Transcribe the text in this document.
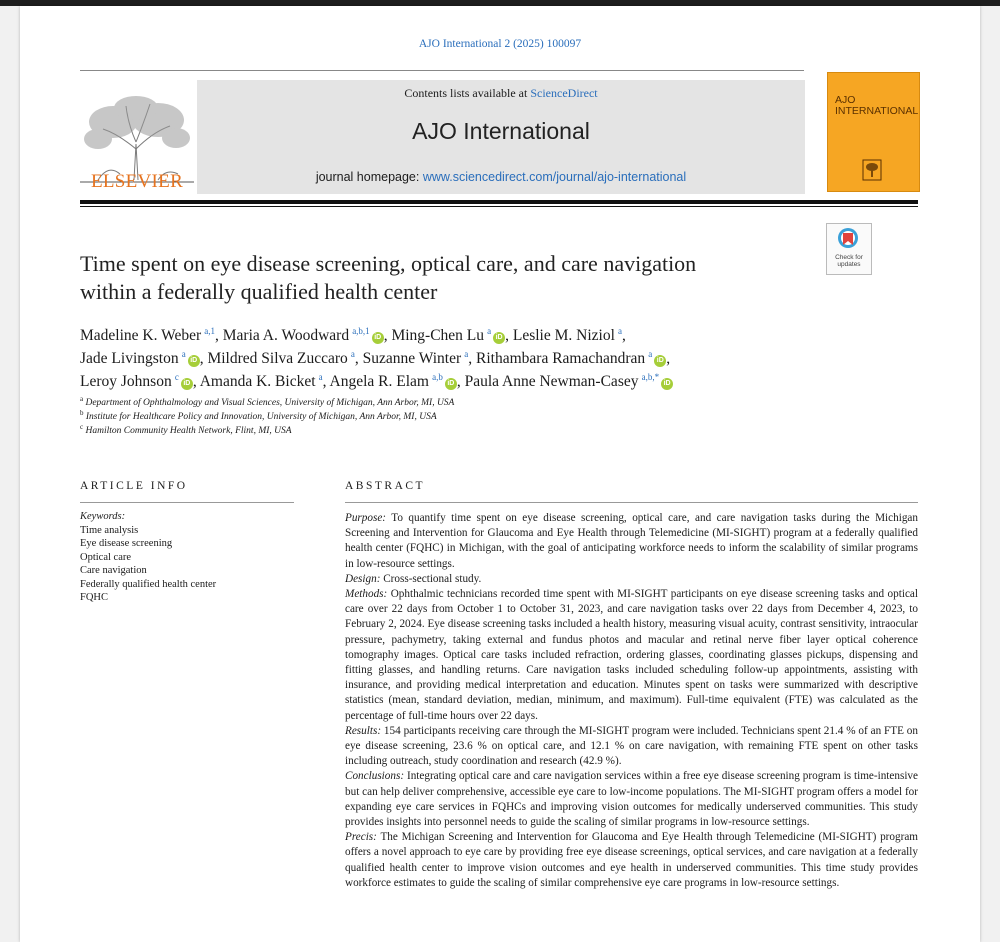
AJO International 2 (2025) 100097
Contents lists available at ScienceDirect
AJO International
journal homepage: www.sciencedirect.com/journal/ajo-international
ELSEVIER
AJO
INTERNATIONAL
Check for updates
Time spent on eye disease screening, optical care, and care navigation
within a federally qualified health center
Madeline K. Weber  $^{a,1}$, Maria A. Woodward  $^{a,b,1}$iD , Ming-Chen Lu  $^a$iD , Leslie M. Niziol  $^a$,
Jade Livingston  $^a$iD , Mildred Silva Zuccaro  $^a$, Suzanne Winter  $^a$, Rithambara Ramachandran  $^a$iD ,
Leroy Johnson  $^c$iD , Amanda K. Bicket  $^a$, Angela R. Elam  $^{a,b}$iD , Paula Anne Newman-Casey  $^{a,b,*}$iD
$^a$ Department of Ophthalmology and Visual Sciences, University of Michigan, Ann Arbor, MI, USA
$^b$ Institute for Healthcare Policy and Innovation, University of Michigan, Ann Arbor, MI, USA
$^c$ Hamilton Community Health Network, Flint, MI, USA
ARTICLE INFO
Keywords:
Time analysis
Eye disease screening
Optical care
Care navigation
Federally qualified health center
FQHC
ABSTRACT

Purpose: To quantify time spent on eye disease screening, optical care, and care navigation tasks during the Michigan Screening and Intervention for Glaucoma and Eye Health through Telemedicine (MI-SIGHT) program at a federally qualified health center (FQHC) in Michigan, with the goal of anticipating workforce needs to inform the scalability of similar programs in low-resource settings.

Design: Cross-sectional study.

Methods: Ophthalmic technicians recorded time spent with MI-SIGHT participants on eye disease screening tasks and optical care over 22 days from October 1 to October 31, 2023, and care navigation tasks over 22 days from December 4, 2023, to February 2, 2024. Eye disease screening tasks included a health history, measuring visual acuity, contrast sensitivity, intraocular pressure, pachymetry, taking external and fundus photos and macular and retinal nerve fiber layer optical coherence tomography images. Optical care tasks included refraction, ordering glasses, coordinating glasses pickups, dispensing and fitting glasses, and handling returns. Care navigation tasks included scheduling follow-up appointments, assisting with insurance, and providing medical interpretation and education. Minutes spent on tasks were summarized with descriptive statistics (mean, standard deviation, median, minimum, and maximum). Full-time equivalent (FTE) was calculated as the percentage of full-time hours over 22 days.

Results: 154 participants receiving care through the MI-SIGHT program were included. Technicians spent 21.4 % of an FTE on eye disease screening, 23.6 % on optical care, and 12.1 % on care navigation, with remaining FTE spent on other tasks including outreach, study coordination and research (42.9 %).

Conclusions: Integrating optical care and care navigation services within a free eye disease screening program is time-intensive but can help deliver comprehensive, accessible eye care to low-income populations. The MI-SIGHT program offers a model for expanding eye care services in FQHCs and improving vision outcomes for medically underserved communities. This study provides insights into personnel needs to guide the scaling of similar programs in low-resource settings.

Precis: The Michigan Screening and Intervention for Glaucoma and Eye Health through Telemedicine (MI-SIGHT) program offers a novel approach to eye care by providing free eye disease screenings, optical services, and care navigation at a federally qualified health center to improve vision outcomes and eye health in underserved communities. This time study provides workforce estimates to guide the scaling of similar comprehensive eye care programs in low-resource settings.
